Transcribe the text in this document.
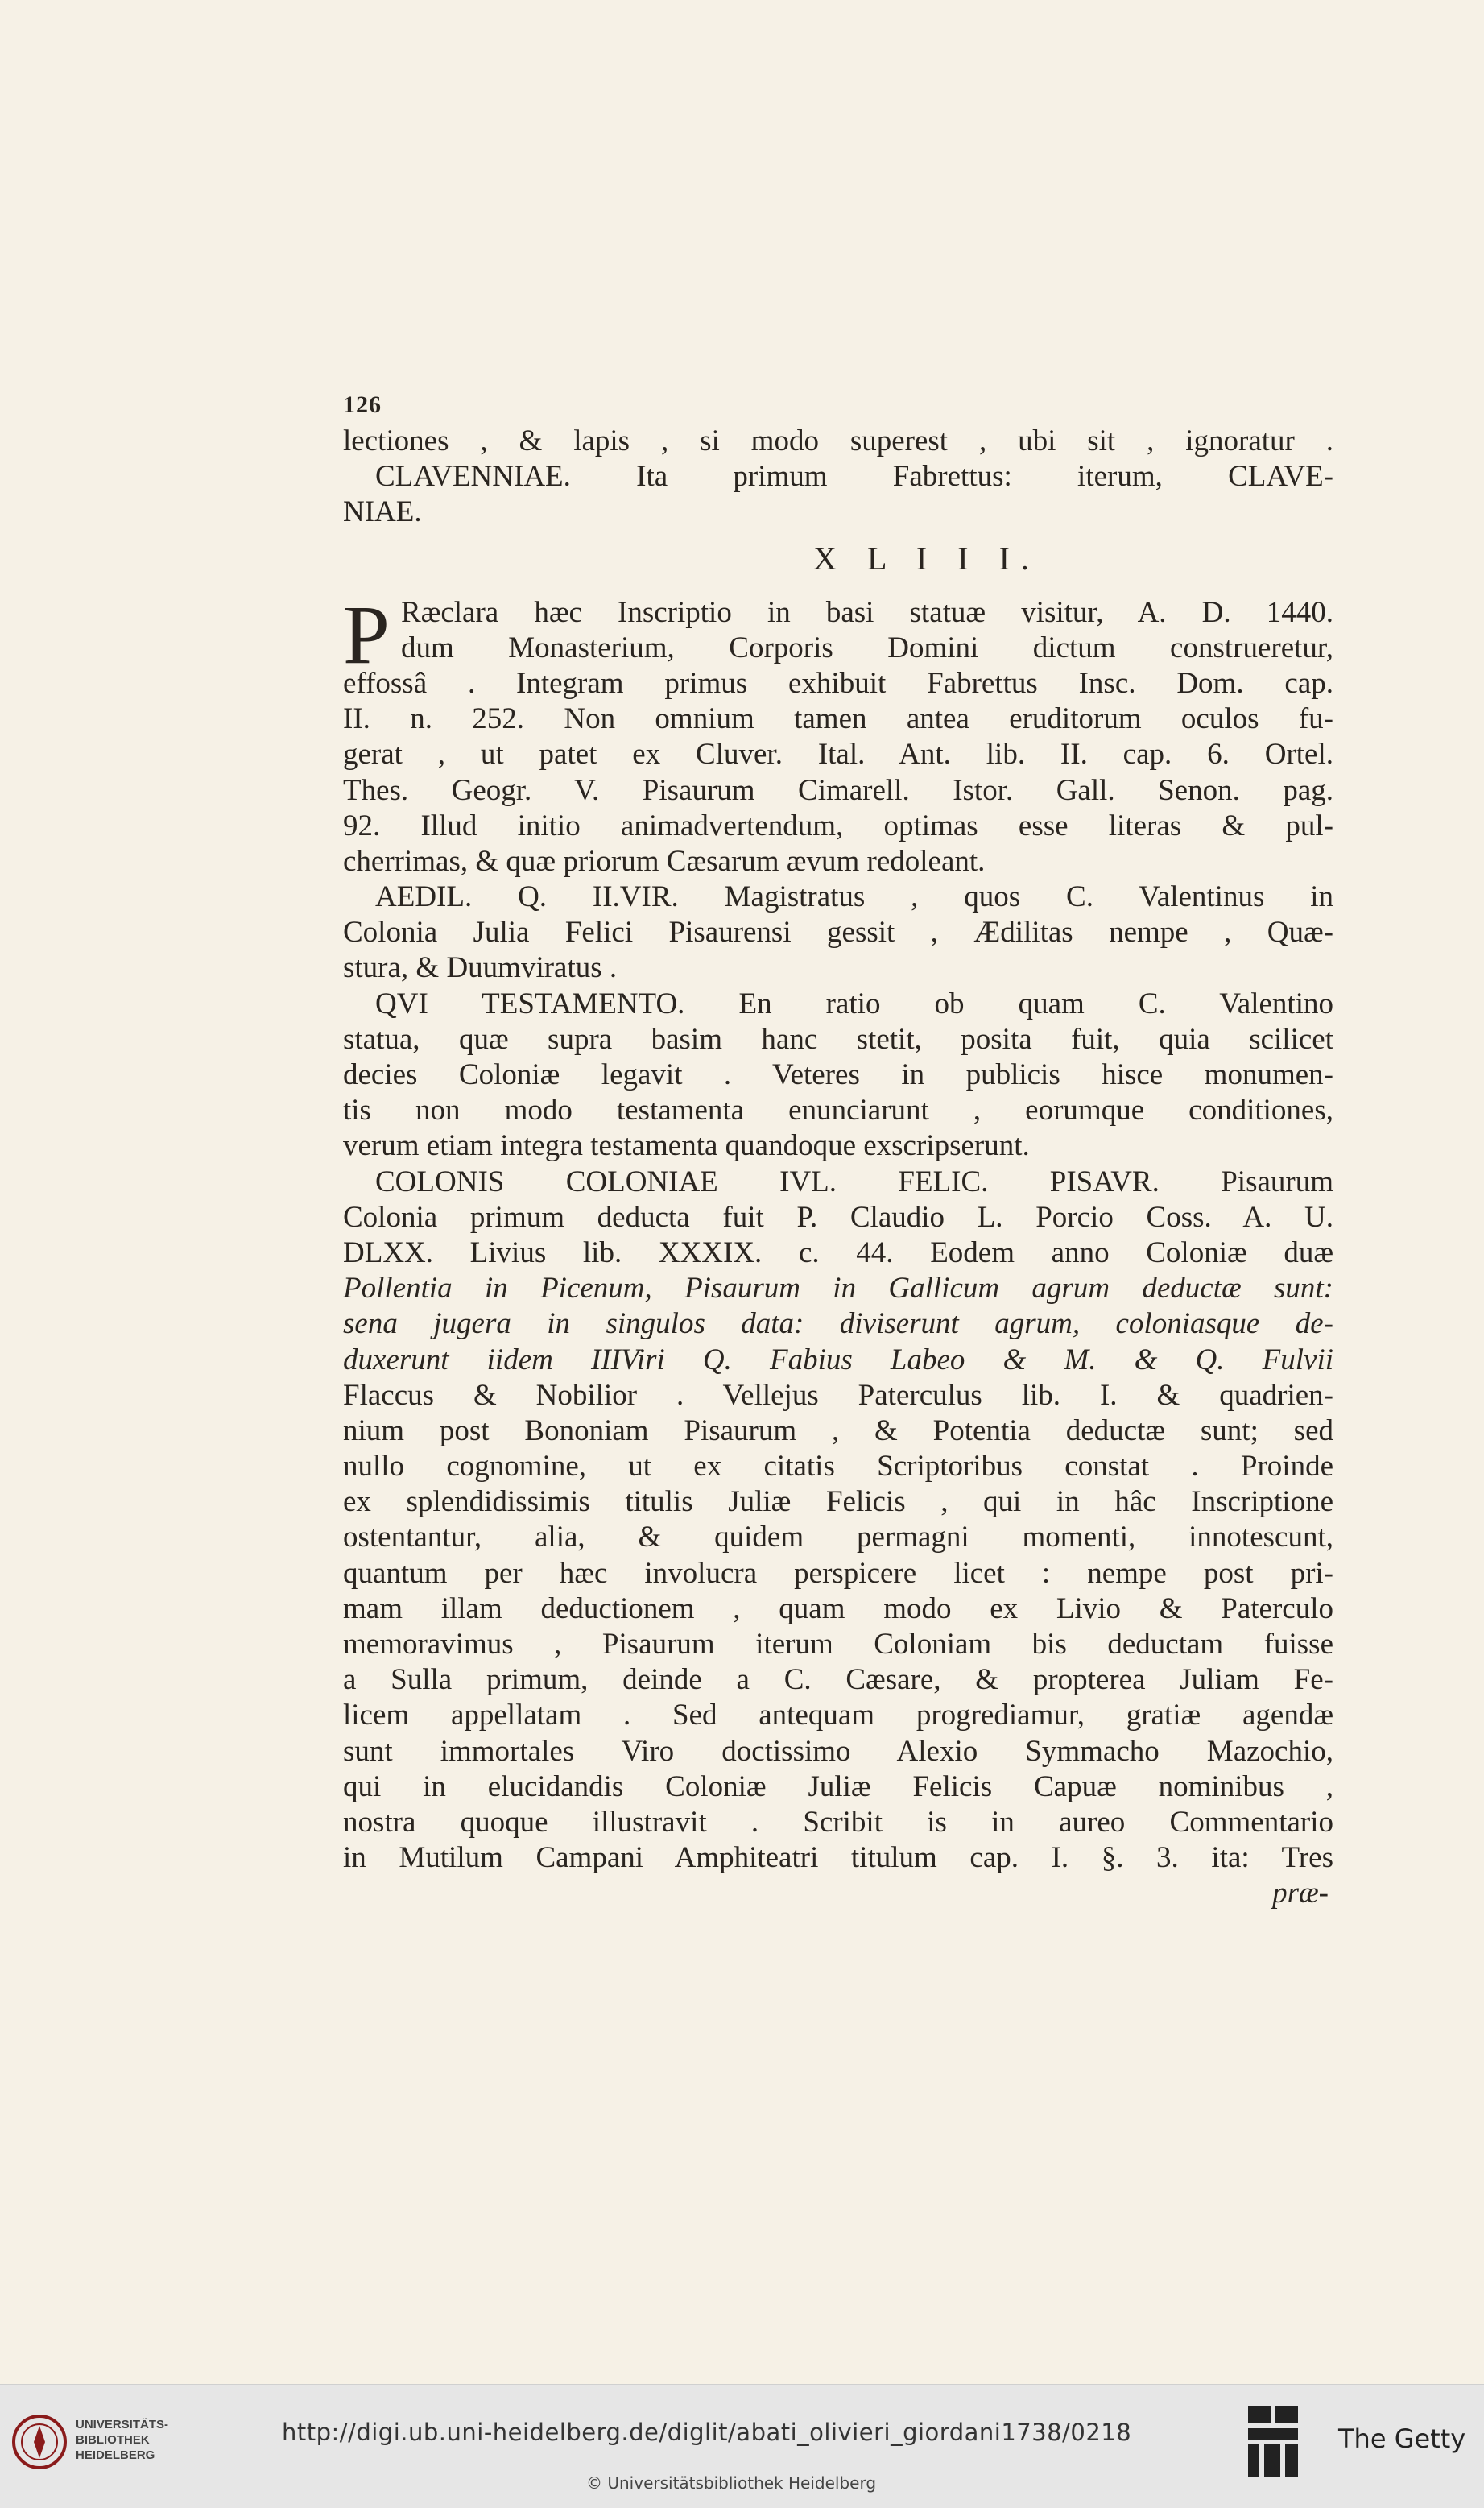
126
lectiones , & lapis , si modo superest , ubi sit , ignoratur .
CLAVENNIAE. Ita primum Fabrettus: iterum, CLAVE-
NIAE.
X L I I I.
P Ræclara hæc Inscriptio in basi statuæ visitur, A. D. 1440.
dum Monasterium, Corporis Domini dictum construeretur,
effossâ . Integram primus exhibuit Fabrettus Insc. Dom. cap.
II. n. 252. Non omnium tamen antea eruditorum oculos fu-
gerat , ut patet ex Cluver. Ital. Ant. lib. II. cap. 6. Ortel.
Thes. Geogr. V. Pisaurum Cimarell. Istor. Gall. Senon. pag.
92. Illud initio animadvertendum, optimas esse literas & pul-
cherrimas, & quæ priorum Cæsarum ævum redoleant.
AEDIL. Q. II.VIR. Magistratus , quos C. Valentinus in
Colonia Julia Felici Pisaurensi gessit , Ædilitas nempe , Quæ-
stura, & Duumviratus .
QVI TESTAMENTO. En ratio ob quam C. Valentino
statua, quæ supra basim hanc stetit, posita fuit, quia scilicet
decies Coloniæ legavit . Veteres in publicis hisce monumen-
tis non modo testamenta enunciarunt , eorumque conditiones,
verum etiam integra testamenta quandoque exscripserunt.
COLONIS COLONIAE IVL. FELIC. PISAVR. Pisaurum
Colonia primum deducta fuit P. Claudio L. Porcio Coss. A. U.
DLXX. Livius lib. XXXIX. c. 44. Eodem anno Coloniæ duæ
Pollentia in Picenum, Pisaurum in Gallicum agrum deductæ sunt:
sena jugera in singulos data: diviserunt agrum, coloniasque de-
duxerunt iidem IIIViri Q. Fabius Labeo & M. & Q. Fulvii
Flaccus & Nobilior . Vellejus Paterculus lib. I. & quadrien-
nium post Bononiam Pisaurum , & Potentia deductæ sunt; sed
nullo cognomine, ut ex citatis Scriptoribus constat . Proinde
ex splendidissimis titulis Juliæ Felicis , qui in hâc Inscriptione
ostentantur, alia, & quidem permagni momenti, innotescunt,
quantum per hæc involucra perspicere licet : nempe post pri-
mam illam deductionem , quam modo ex Livio & Paterculo
memoravimus , Pisaurum iterum Coloniam bis deductam fuisse
a Sulla primum, deinde a C. Cæsare, & propterea Juliam Fe-
licem appellatam . Sed antequam progrediamur, gratiæ agendæ
sunt immortales Viro doctissimo Alexio Symmacho Mazochio,
qui in elucidandis Coloniæ Juliæ Felicis Capuæ nominibus ,
nostra quoque illustravit . Scribit is in aureo Commentario
in Mutilum Campani Amphiteatri titulum cap. I. §. 3. ita: Tres
præ-
UNIVERSITÄTS-
BIBLIOTHEK
HEIDELBERG
http://digi.ub.uni-heidelberg.de/diglit/abati_olivieri_giordani1738/0218
© Universitätsbibliothek Heidelberg
The Getty
